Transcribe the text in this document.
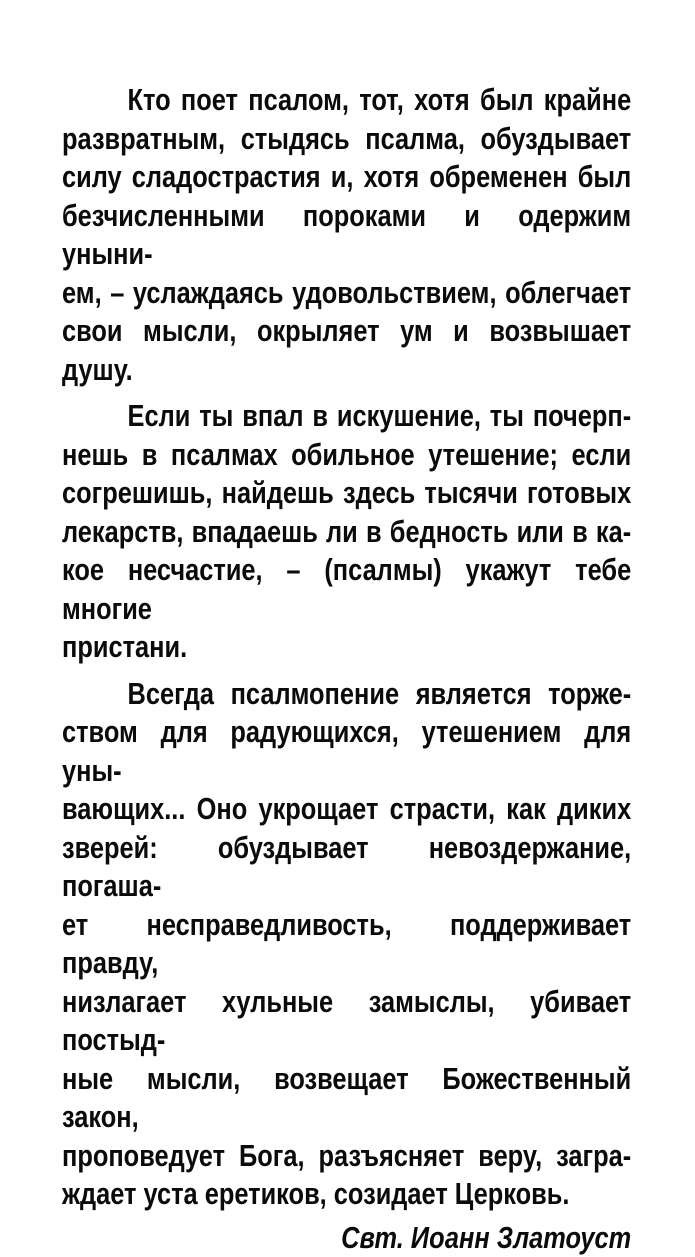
Кто поет псалом, тот, хотя был крайне
развратным, стыдясь псалма, обуздывает
силу сладострастия и, хотя обременен был
безчисленными пороками и одержим уныни-
ем, – услаждаясь удовольствием, облегчает
свои мысли, окрыляет ум и возвышает душу.
Если ты впал в искушение, ты почерп-
нешь в псалмах обильное утешение; если
согрешишь, найдешь здесь тысячи готовых
лекарств, впадаешь ли в бедность или в ка-
кое несчастие, – (псалмы) укажут тебе многие
пристани.
Всегда псалмопение является торже-
ством для радующихся, утешением для уны-
вающих... Оно укрощает страсти, как диких
зверей: обуздывает невоздержание, погаша-
ет несправедливость, поддерживает правду,
низлагает хульные замыслы, убивает постыд-
ные мысли, возвещает Божественный закон,
проповедует Бога, разъясняет веру, загра-
ждает уста еретиков, созидает Церковь.
Свт. Иоанн Златоуст
